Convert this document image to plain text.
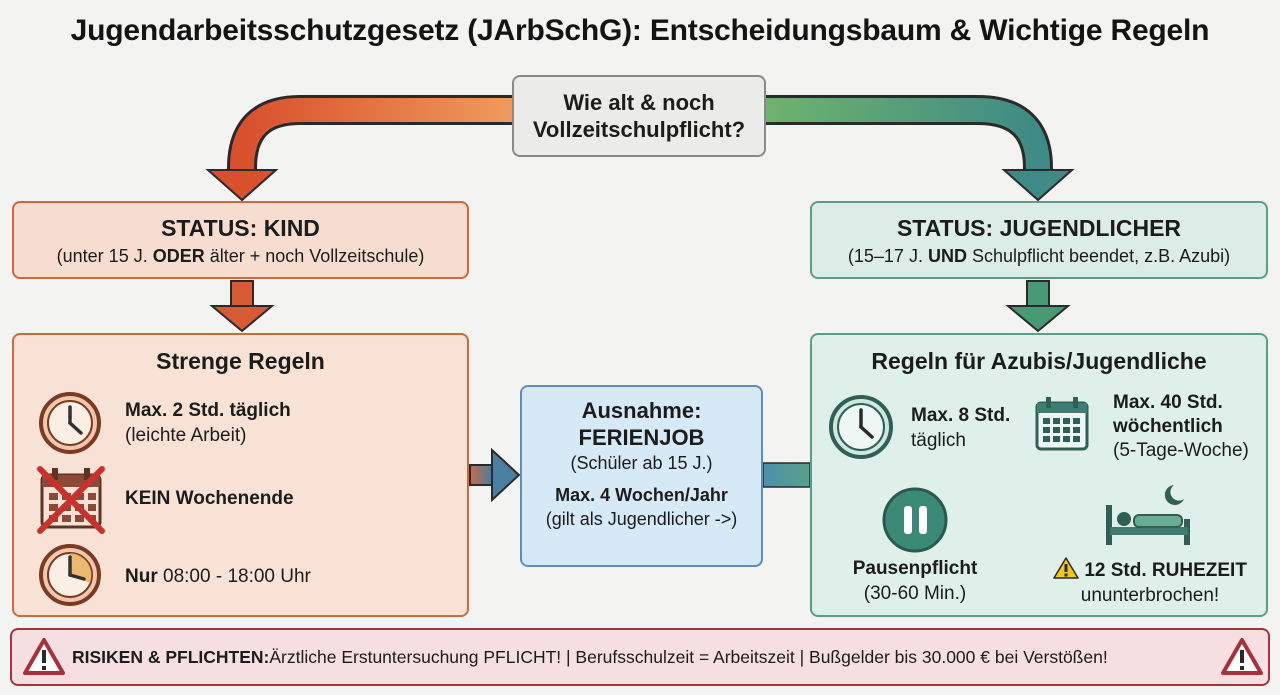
Jugendarbeitsschutzgesetz (JArbSchG): Entscheidungsbaum & Wichtige Regeln
Wie alt & noch
Vollzeitschulpflicht?
STATUS: KIND
(unter 15 J. ODER älter + noch Vollzeitschule)
STATUS: JUGENDLICHER
(15–17 J. UND Schulpflicht beendet, z.B. Azubi)
Strenge Regeln
Max. 2 Std. täglich
(leichte Arbeit)
KEIN Wochenende
Nur 08:00 - 18:00 Uhr
Ausnahme:
FERIENJOB
(Schüler ab 15 J.)
Max. 4 Wochen/Jahr
(gilt als Jugendlicher ->)
Regeln für Azubis/Jugendliche
Max. 8 Std.
täglich
Max. 40 Std.
wöchentlich
(5-Tage-Woche)
Pausenpflicht
(30-60 Min.)
12 Std. RUHEZEIT
ununterbrochen!
RISIKEN & PFLICHTEN: Ärztliche Erstuntersuchung PFLICHT! | Berufsschulzeit = Arbeitszeit | Bußgelder bis 30.000 € bei Verstößen!
